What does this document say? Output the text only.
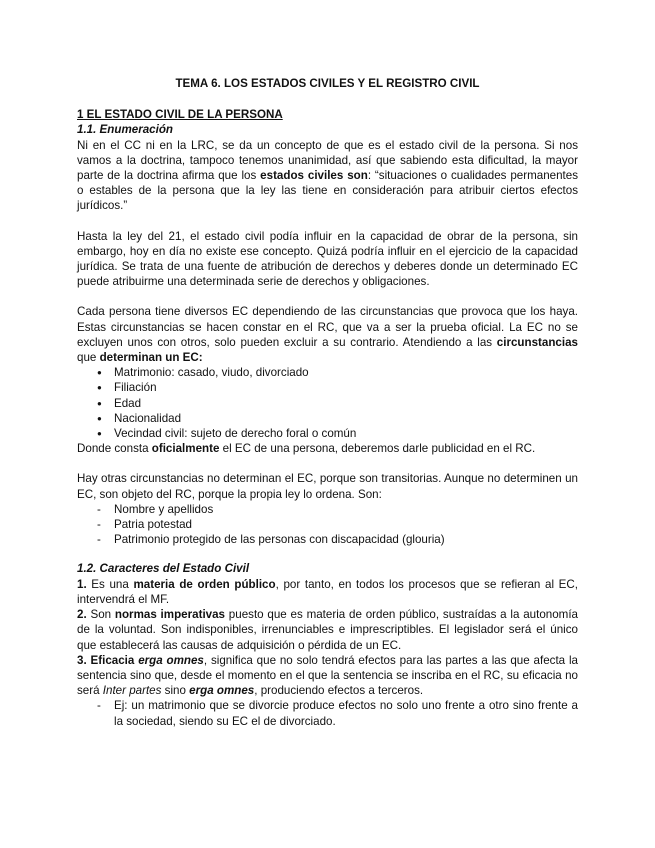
TEMA 6. LOS ESTADOS CIVILES Y EL REGISTRO CIVIL

1 EL ESTADO CIVIL DE LA PERSONA

1.1. Enumeración

Ni en el CC ni en la LRC, se da un concepto de que es el estado civil de la persona. Si nos vamos a la doctrina, tampoco tenemos unanimidad, así que sabiendo esta dificultad, la mayor parte de la doctrina afirma que los estados civiles son: “situaciones o cualidades permanentes o estables de la persona que la ley las tiene en consideración para atribuir ciertos efectos jurídicos.”

Hasta la ley del 21, el estado civil podía influir en la capacidad de obrar de la persona, sin embargo, hoy en día no existe ese concepto. Quizá podría influir en el ejercicio de la capacidad jurídica. Se trata de una fuente de atribución de derechos y deberes donde un determinado EC puede atribuirme una determinada serie de derechos y obligaciones.

Cada persona tiene diversos EC dependiendo de las circunstancias que provoca que los haya. Estas circunstancias se hacen constar en el RC, que va a ser la prueba oficial. La EC no se excluyen unos con otros, solo pueden excluir a su contrario. Atendiendo a las circunstancias que determinan un EC:

● Matrimonio: casado, viudo, divorciado
● Filiación
● Edad
● Nacionalidad
● Vecindad civil: sujeto de derecho foral o común

Donde consta oficialmente el EC de una persona, deberemos darle publicidad en el RC.

Hay otras circunstancias no determinan el EC, porque son transitorias. Aunque no determinen un EC, son objeto del RC, porque la propia ley lo ordena. Son:

- Nombre y apellidos
- Patria potestad
- Patrimonio protegido de las personas con discapacidad (glouria)

1.2. Caracteres del Estado Civil

1. Es una materia de orden público, por tanto, en todos los procesos que se refieran al EC, intervendrá el MF.

2. Son normas imperativas puesto que es materia de orden público, sustraídas a la autonomía de la voluntad. Son indisponibles, irrenunciables e imprescriptibles. El legislador será el único que establecerá las causas de adquisición o pérdida de un EC.

3. Eficacia erga omnes, significa que no solo tendrá efectos para las partes a las que afecta la sentencia sino que, desde el momento en el que la sentencia se inscriba en el RC, su eficacia no será Inter partes sino erga omnes, produciendo efectos a terceros.

- Ej: un matrimonio que se divorcie produce efectos no solo uno frente a otro sino frente a la sociedad, siendo su EC el de divorciado.
